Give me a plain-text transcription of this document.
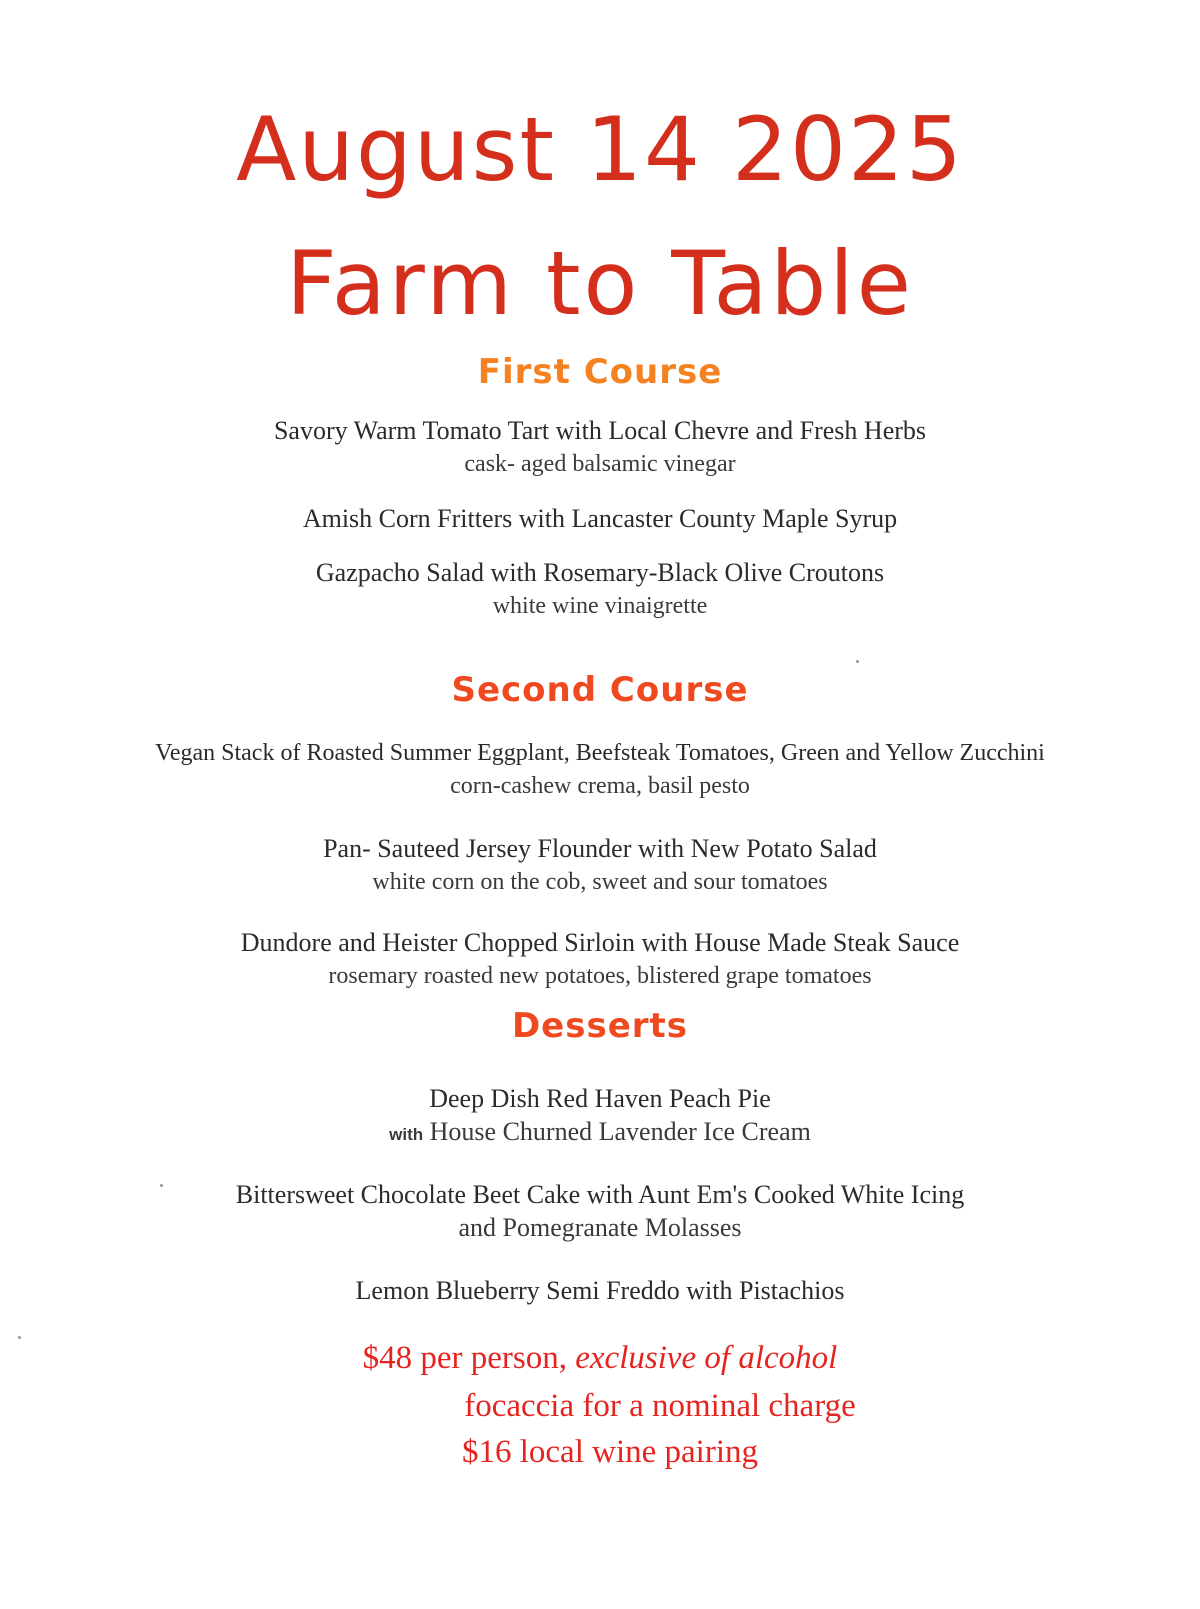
August 14 2025
Farm to Table
First Course
Savory Warm Tomato Tart with Local Chevre and Fresh Herbs
cask- aged balsamic vinegar
Amish Corn Fritters with Lancaster County Maple Syrup
Gazpacho Salad with Rosemary-Black Olive Croutons
white wine vinaigrette
Second Course
Vegan Stack of Roasted Summer Eggplant, Beefsteak Tomatoes, Green and Yellow Zucchini
corn-cashew crema, basil pesto
Pan- Sauteed Jersey Flounder with New Potato Salad
white corn on the cob, sweet and sour tomatoes
Dundore and Heister Chopped Sirloin with House Made Steak Sauce
rosemary roasted new potatoes, blistered grape tomatoes
Desserts
Deep Dish Red Haven Peach Pie
with House Churned Lavender Ice Cream
Bittersweet Chocolate Beet Cake with Aunt Em's Cooked White Icing
and Pomegranate Molasses
Lemon Blueberry Semi Freddo with Pistachios
$48 per person, exclusive of alcohol
focaccia for a nominal charge
$16 local wine pairing
